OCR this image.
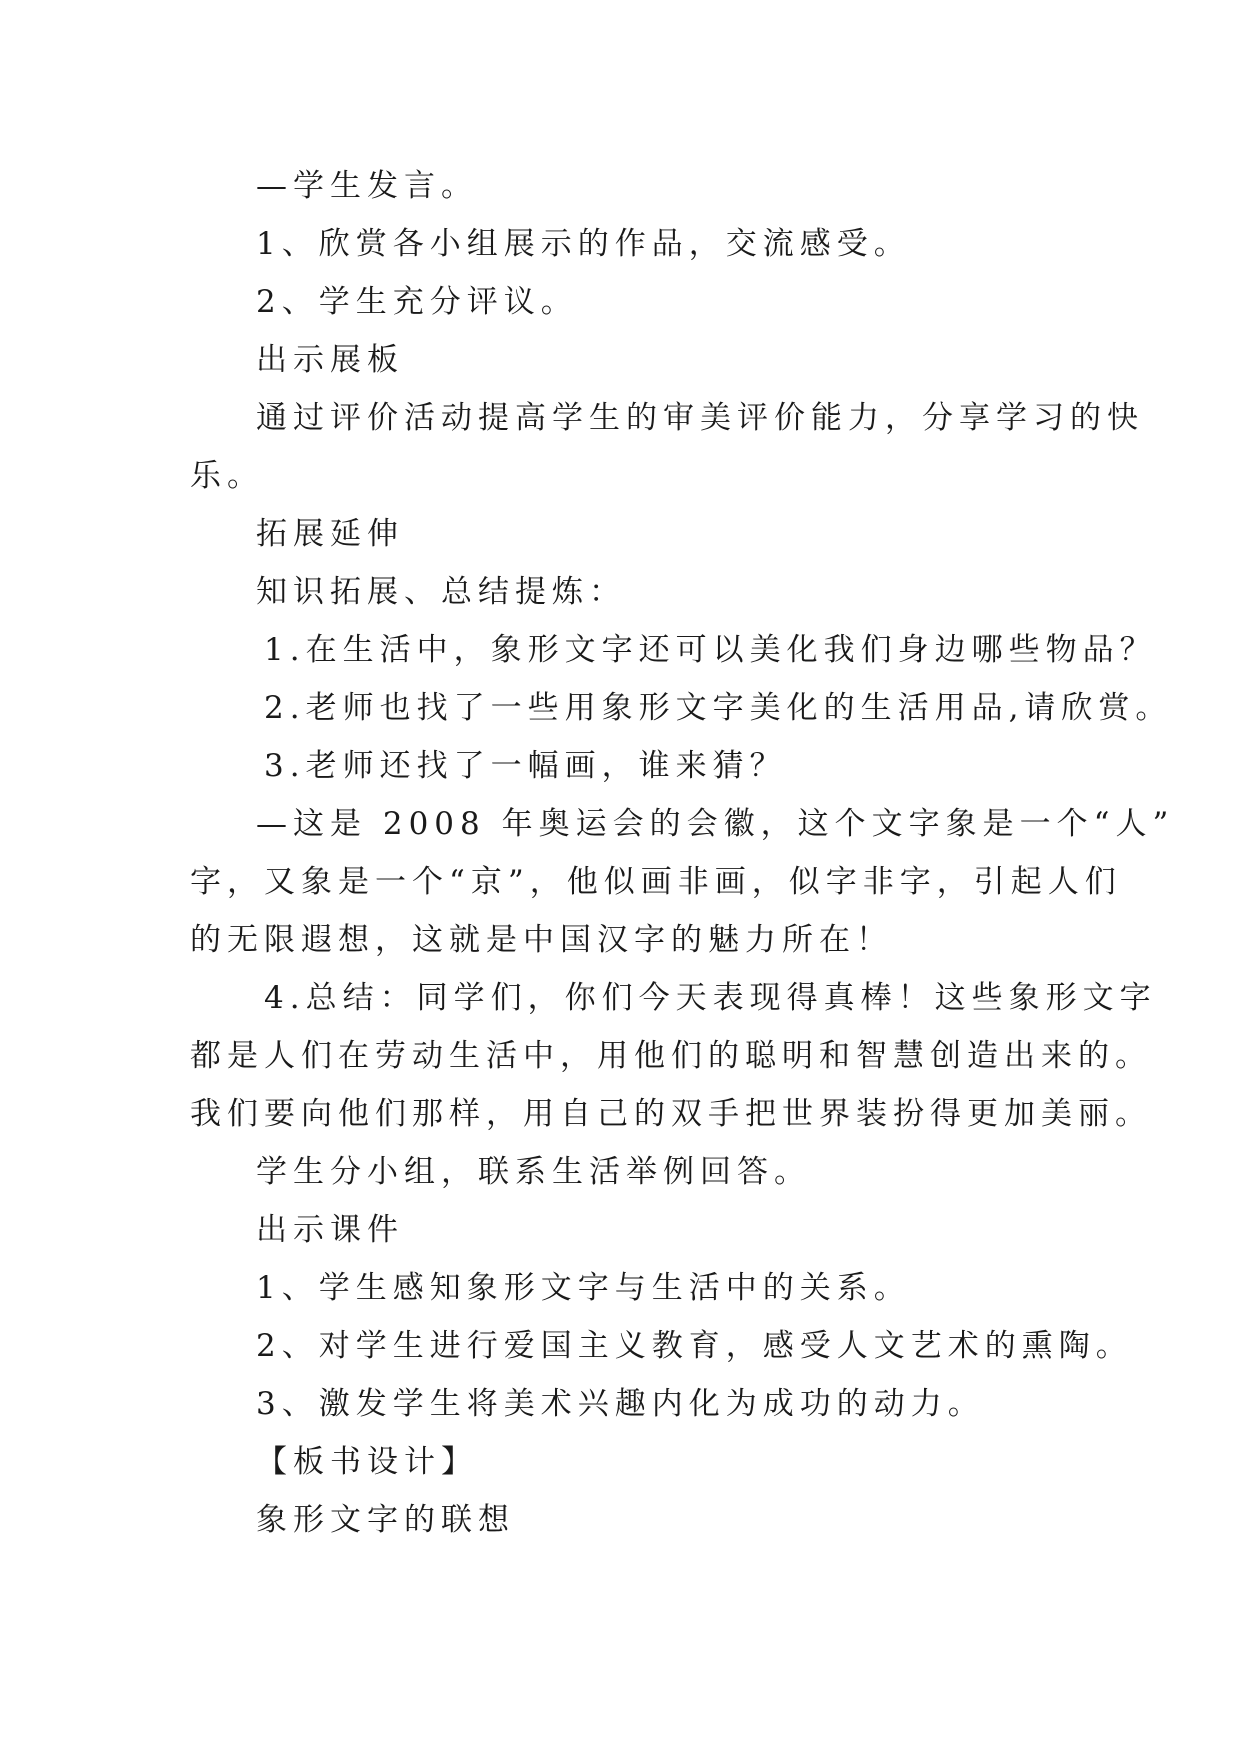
—学生发言。
1、欣赏各小组展示的作品，交流感受。
2、学生充分评议。
出示展板
通过评价活动提高学生的审美评价能力，分享学习的快
乐。
拓展延伸
知识拓展、总结提炼：
1.在生活中，象形文字还可以美化我们身边哪些物品？
2.老师也找了一些用象形文字美化的生活用品,请欣赏。
3.老师还找了一幅画，谁来猜？
—这是 2008 年奥运会的会徽，这个文字象是一个“人”
字，又象是一个“京”，他似画非画，似字非字，引起人们
的无限遐想，这就是中国汉字的魅力所在！
4.总结：同学们，你们今天表现得真棒！这些象形文字
都是人们在劳动生活中，用他们的聪明和智慧创造出来的。
我们要向他们那样，用自己的双手把世界装扮得更加美丽。
学生分小组，联系生活举例回答。
出示课件
1、学生感知象形文字与生活中的关系。
2、对学生进行爱国主义教育，感受人文艺术的熏陶。
3、激发学生将美术兴趣内化为成功的动力。
【板书设计】
象形文字的联想
